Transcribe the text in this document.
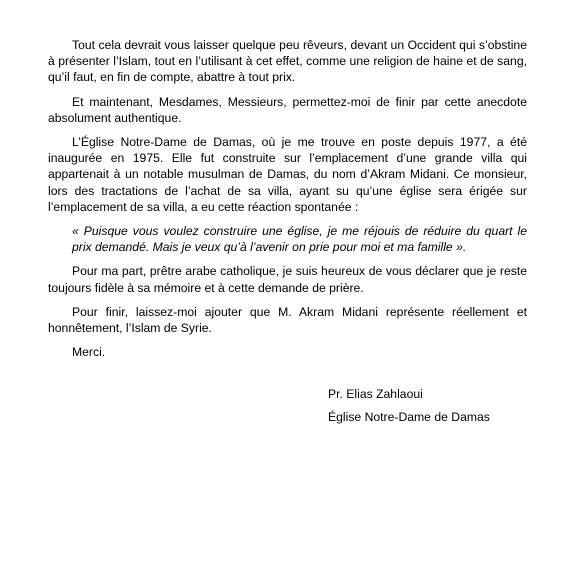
Tout cela devrait vous laisser quelque peu rêveurs, devant un Occident qui s’obstine à présenter l’Islam, tout en l’utilisant à cet effet, comme une religion de haine et de sang, qu’il faut, en fin de compte, abattre à tout prix.

Et maintenant, Mesdames, Messieurs, permettez-moi de finir par cette anecdote absolument authentique.

L’Église Notre-Dame de Damas, où je me trouve en poste depuis 1977, a été inaugurée en 1975. Elle fut construite sur l’emplacement d’une grande villa qui appartenait à un notable musulman de Damas, du nom d’Akram Midani. Ce monsieur, lors des tractations de l’achat de sa villa, ayant su qu’une église sera érigée sur l’emplacement de sa villa, a eu cette réaction spontanée :

« Puisque vous voulez construire une église, je me réjouis de réduire du quart le prix demandé. Mais je veux qu’à l’avenir on prie pour moi et ma famille ».

Pour ma part, prêtre arabe catholique, je suis heureux de vous déclarer que je reste toujours fidèle à sa mémoire et à cette demande de prière.

Pour finir, laissez-moi ajouter que M. Akram Midani représente réellement et honnêtement, l’Islam de Syrie.

Merci.

Pr. Elias Zahlaoui
Église Notre-Dame de Damas
